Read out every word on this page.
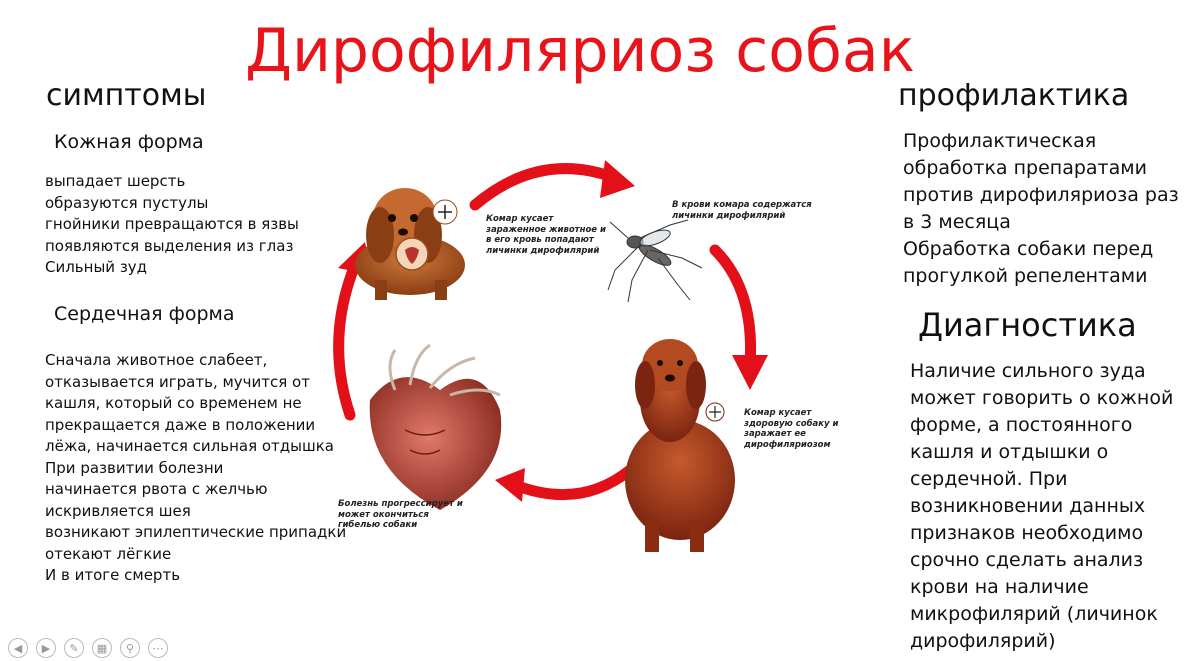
Дирофиляриоз собак
симптомы
Кожная форма
выпадает шерсть
образуются пустулы
гнойники превращаются в язвы
появляются выделения из глаз
Сильный зуд
Сердечная форма
Сначала животное слабеет,
отказывается играть, мучится от
кашля, который со временем не
прекращается даже в положении
лёжа, начинается сильная отдышка
При развитии болезни
начинается рвота с желчью
искривляется шея
возникают эпилептические припадки
отекают лёгкие
И в итоге смерть
профилактика
Профилактическая
обработка препаратами
против дирофиляриоза раз
в 3 месяца
Обработка собаки перед
прогулкой репелентами
Диагностика
Наличие сильного зуда
может говорить о кожной
форме, а постоянного
кашля и отдышки о
сердечной. При
возникновении данных
признаков необходимо
срочно сделать анализ
крови на наличие
микрофилярий (личинок
дирофилярий)
Комар кусает
зараженное животное и
в его кровь попадают
личинки дирофилярий
В крови комара содержатся
личинки дирофилярий
Комар кусает
здоровую собаку и
заражает ее
дирофиляриозом
Болезнь прогрессирует и
может окончиться
гибелью собаки
◀	▶	✎	▦	⚲	⋯
